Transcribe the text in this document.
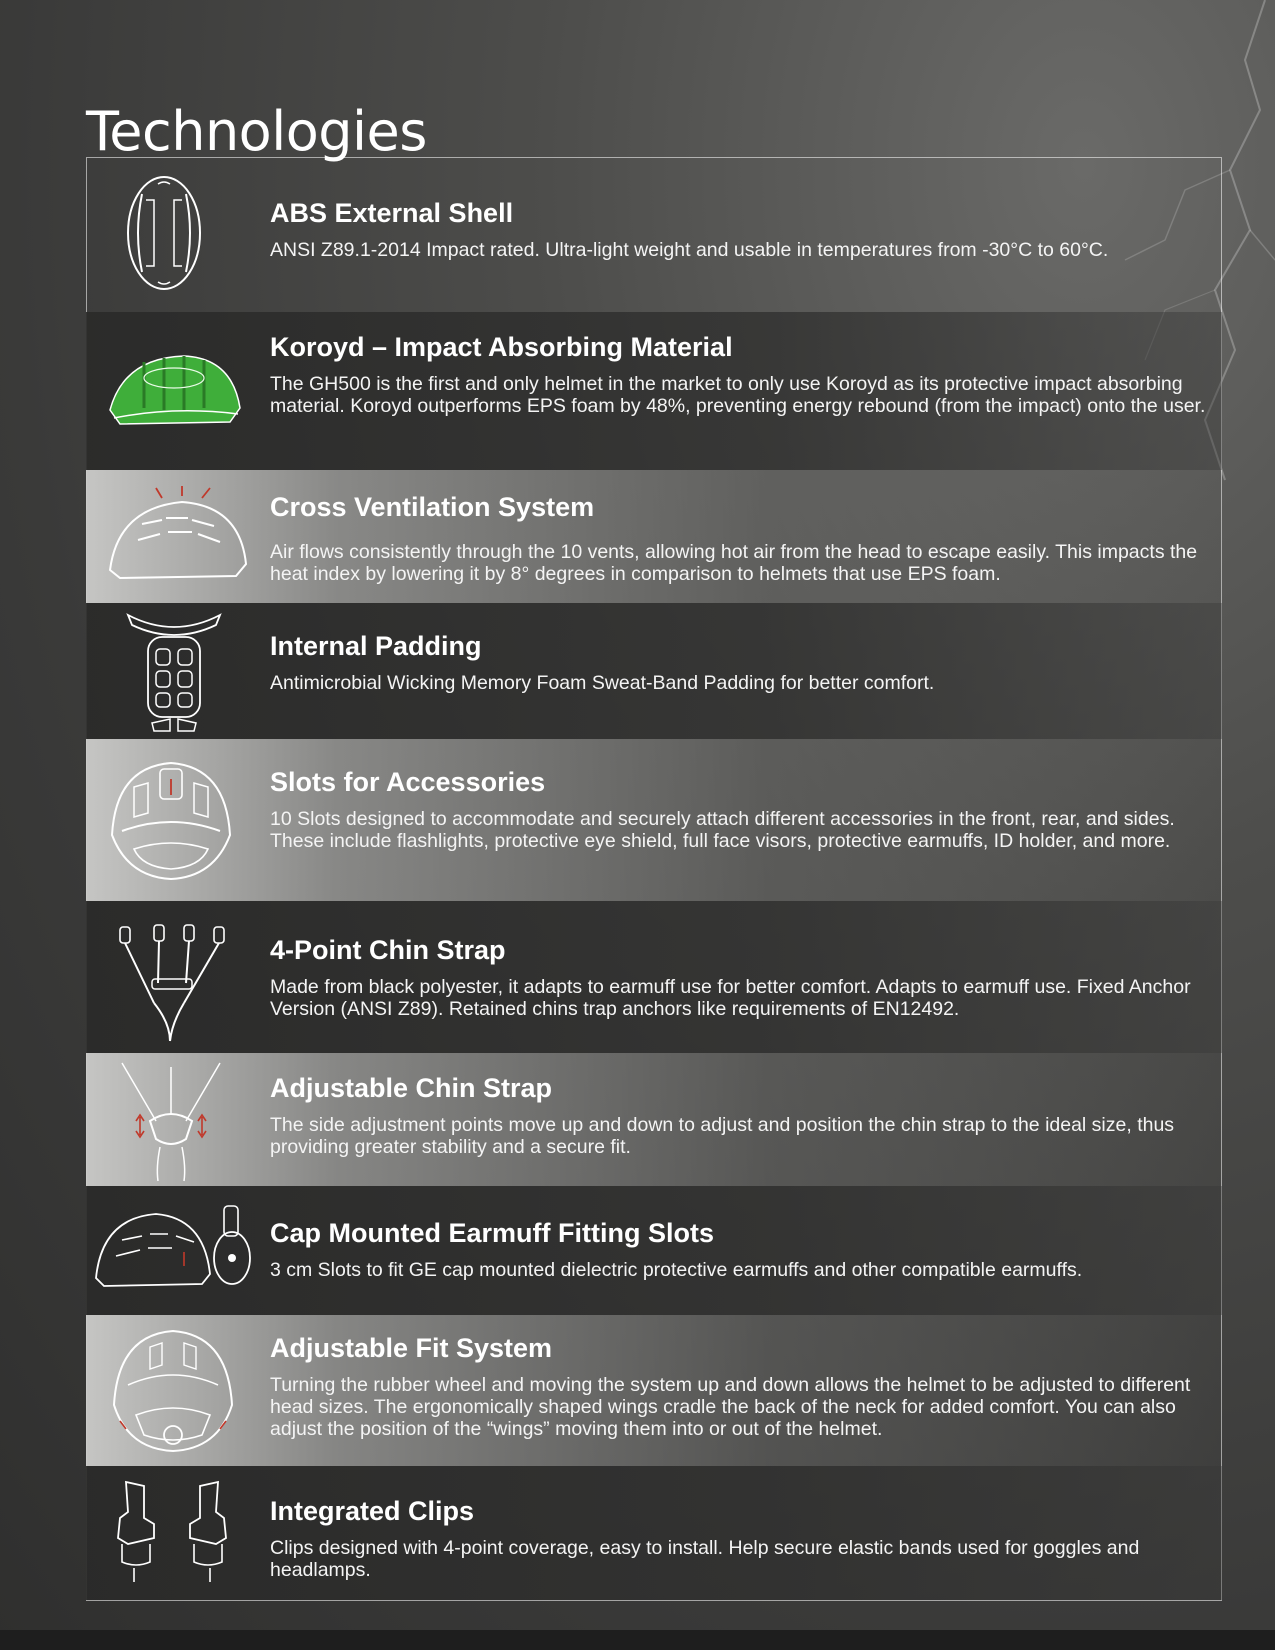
Technologies
ABS External Shell

ANSI Z89.1-2014 Impact rated. Ultra-light weight and usable in temperatures from -30°C to 60°C.

Koroyd – Impact Absorbing Material

The GH500 is the first and only helmet in the market to only use Koroyd as its protective impact absorbing material. Koroyd outperforms EPS foam by 48%, preventing energy rebound (from the impact) onto the user.

Cross Ventilation System

Air flows consistently through the 10 vents, allowing hot air from the head to escape easily. This impacts the heat index by lowering it by 8° degrees in comparison to helmets that use EPS foam.

Internal Padding

Antimicrobial Wicking Memory Foam Sweat-Band Padding for better comfort.

Slots for Accessories

10 Slots designed to accommodate and securely attach different accessories in the front, rear, and sides. These include flashlights, protective eye shield, full face visors, protective earmuffs, ID holder, and more.

4-Point Chin Strap

Made from black polyester, it adapts to earmuff use for better comfort. Adapts to earmuff use. Fixed Anchor Version (ANSI Z89). Retained chins trap anchors like requirements of EN12492.

Adjustable Chin Strap

The side adjustment points move up and down to adjust and position the chin strap to the ideal size, thus providing greater stability and a secure fit.

Cap Mounted Earmuff Fitting Slots

3 cm Slots to fit GE cap mounted dielectric protective earmuffs and other compatible earmuffs.

Adjustable Fit System

Turning the rubber wheel and moving the system up and down allows the helmet to be adjusted to different head sizes. The ergonomically shaped wings cradle the back of the neck for added comfort. You can also adjust the position of the “wings” moving them into or out of the helmet.

Integrated Clips

Clips designed with 4-point coverage, easy to install. Help secure elastic bands used for goggles and headlamps.
